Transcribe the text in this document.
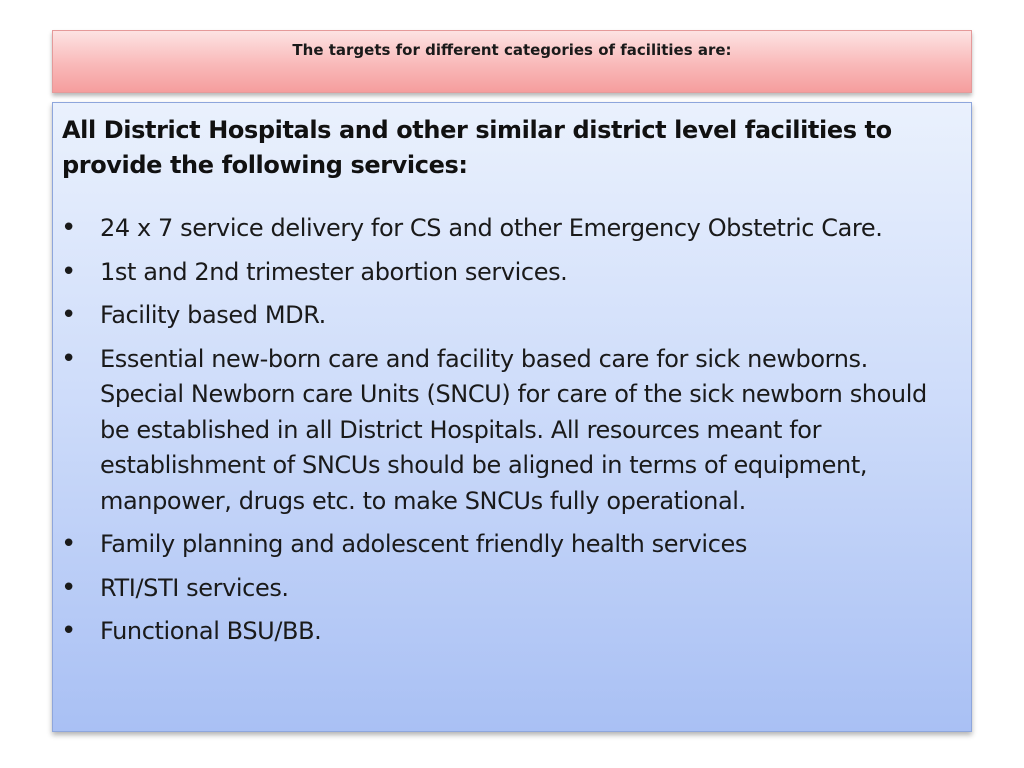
The targets for different categories of facilities are:

All District Hospitals and other similar district level facilities to provide the following services:

• 24 x 7 service delivery for CS and other Emergency Obstetric Care.
• 1st and 2nd trimester abortion services.
• Facility based MDR.
• Essential new-born care and facility based care for sick newborns. Special Newborn care Units (SNCU) for care of the sick newborn should be established in all District Hospitals. All resources meant for establishment of SNCUs should be aligned in terms of equipment, manpower, drugs etc. to make SNCUs fully operational.
• Family planning and adolescent friendly health services
• RTI/STI services.
• Functional BSU/BB.
